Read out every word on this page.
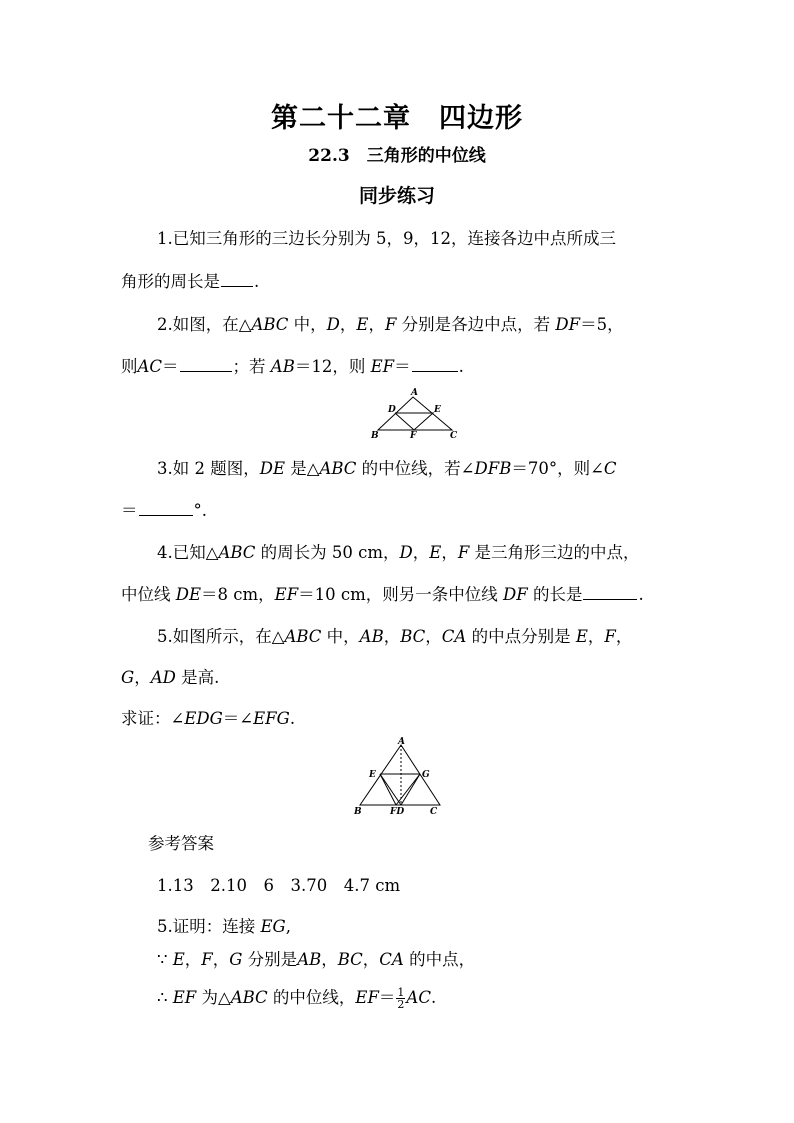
第二十二章　四边形
22.3　三角形的中位线
同步练习
1.已知三角形的三边长分别为 5，9，12，连接各边中点所成三
角形的周长是 .
2.如图，在△ABC 中，D，E，F 分别是各边中点，若 DF＝5，
则AC＝	；若 AB＝12，则 EF＝	.
A
D	E
B	F	C
3.如 2 题图，DE 是△ABC 的中位线，若∠DFB＝70°，则∠C
＝	°.
4.已知△ABC 的周长为 50 cm，D，E，F 是三角形三边的中点，
中位线 DE＝8 cm，EF＝10 cm，则另一条中位线 DF 的长是	.
5.如图所示，在△ABC 中，AB，BC，CA 的中点分别是 E，F，
G，AD 是高.
求证：∠EDG＝∠EFG.
A
E	G
B	FD	C
参考答案
1.13　2.10　6　3.70　4.7 cm
5.证明：连接 EG,
∵ E，F，G 分别是AB，BC，CA 的中点，
∴ EF 为△ABC 的中位线，$EF= \frac{1}{2}$ AC.
